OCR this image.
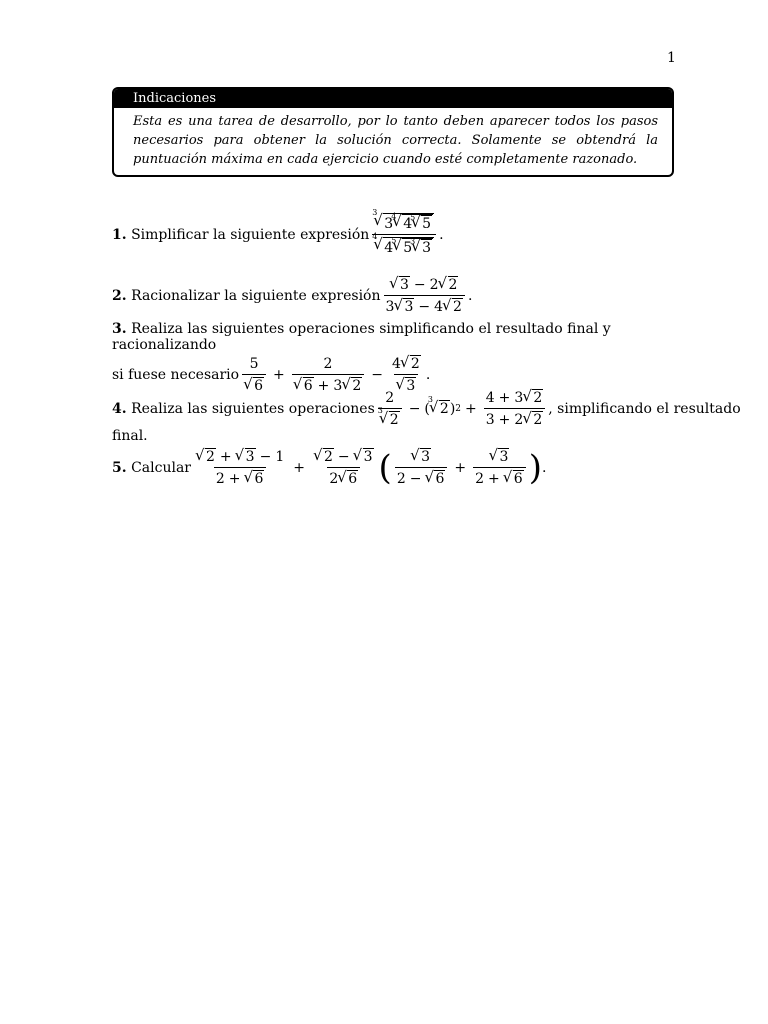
1
Indicaciones
Esta es una tarea de desarrollo, por lo tanto deben aparecer todos los pasos necesarios para obtener la solución correcta. Solamente se obtendrá la puntuación máxima en cada ejercicio cuando esté completamente razonado.
1.
Simplificar la siguiente expresión √ 3
3
√ 4 4
√ 5 5
√ 4
4
√ 5 5
√ 3 3 .
2.
Racionalizar la siguiente expresión √ $\frac{3 - 2 √ 2}{3 √ 3 - 4 √ 2}$ .
3. Realiza las siguientes operaciones simplificando el resultado final y racionalizando
si fuese necesario 5
√ 6 + 2
√ 6 + 3 √ 2 − 4 √ 2
√ 3 .
4.
Realiza las siguientes operaciones 2
√ 3
2 − (
√ 3
2 ) $2 + \frac{4 + 3 √ 2}{3 + 2 √ 2}$ , simplificando el resultado
final.
5.
Calcular √ $\frac{2 + √ 3 - 1}{2 + √ 6}$ + √ $\frac{2 - √ 3}{2 √ 6}$ ( √ $\frac{3}{2 - √ 6}$ + √ $\frac{3}{2 + √ 6}$ ) .
